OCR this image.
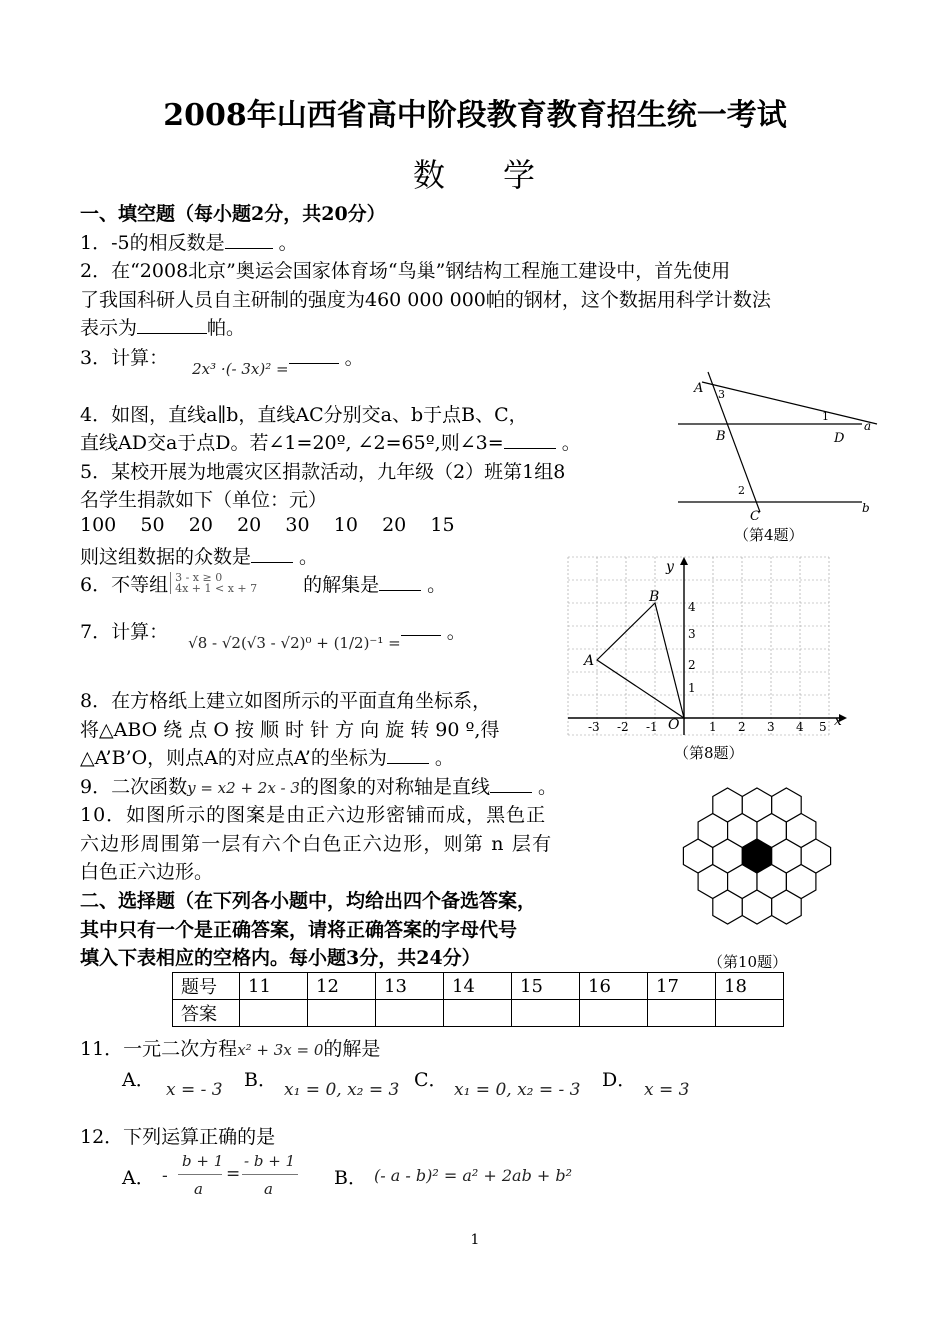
2008年山西省高中阶段教育教育招生统一考试
数 学
一、填空题（每小题2分，共20分）
1．-5的相反数是	。
2．在“2008北京”奥运会国家体育场“鸟巢”钢结构工程施工建设中，首先使用
了我国科研人员自主研制的强度为460 000 000帕的钢材，这个数据用科学计数法
表示为	帕。
3．计算： $_{2x^3 \cdot(- 3x)^2 =}$	。
4．如图，直线a∥b，直线AC分别交a、b于点B、C，
直线AD交a于点D。若∠1=20º, ∠2=65º,则∠3=	。
5．某校开展为地震灾区捐款活动，九年级（2）班第1组8
名学生捐款如下（单位：元）
100    50    20    20    30    10    20    15
则这组数据的众数是 。
6．不等组 3 - x ≥ 0
4x + 1 < x + 7	的解集是 。
7．计算： $_{√8 - √2(√3 - √2)^0 + (1/2)^{-1} =}$ 。
8．在方格纸上建立如图所示的平面直角坐标系，
将△ABO 绕 点 O 按 顺 时 针 方 向 旋 转 90 º,得
△A’B’O，则点A的对应点A’的坐标为 。
9．二次函数y = x2 + 2x - 3的图象的对称轴是直线 。
10．如图所示的图案是由正六边形密铺而成，黑色正
六边形周围第一层有六个白色正六边形，则第 n 层有
白色正六边形。
二、选择题（在下列各小题中，均给出四个备选答案，
其中只有一个是正确答案，请将正确答案的字母代号
填入下表相应的空格内。每小题3分，共24分）
题号	11	12	13	14	15	16	17	18
答案								
11．一元二次方程x² + 3x = 0的解是
A． x = - 3 B． x₁ = 0, x₂ = 3 C． x₁ = 0, x₂ = - 3 D． x = 3
12．下列运算正确的是
A． -
b + 1
a
=
- b + 1
a	B． (- a - b)² = a² + 2ab + b²
A 3
1
B	D
a
2
C
b
（第4题）
x
y
O
A
B
-3 -2 -1	1 2 3 4 5
1
2
3
4
（第8题）
（第10题）
1
